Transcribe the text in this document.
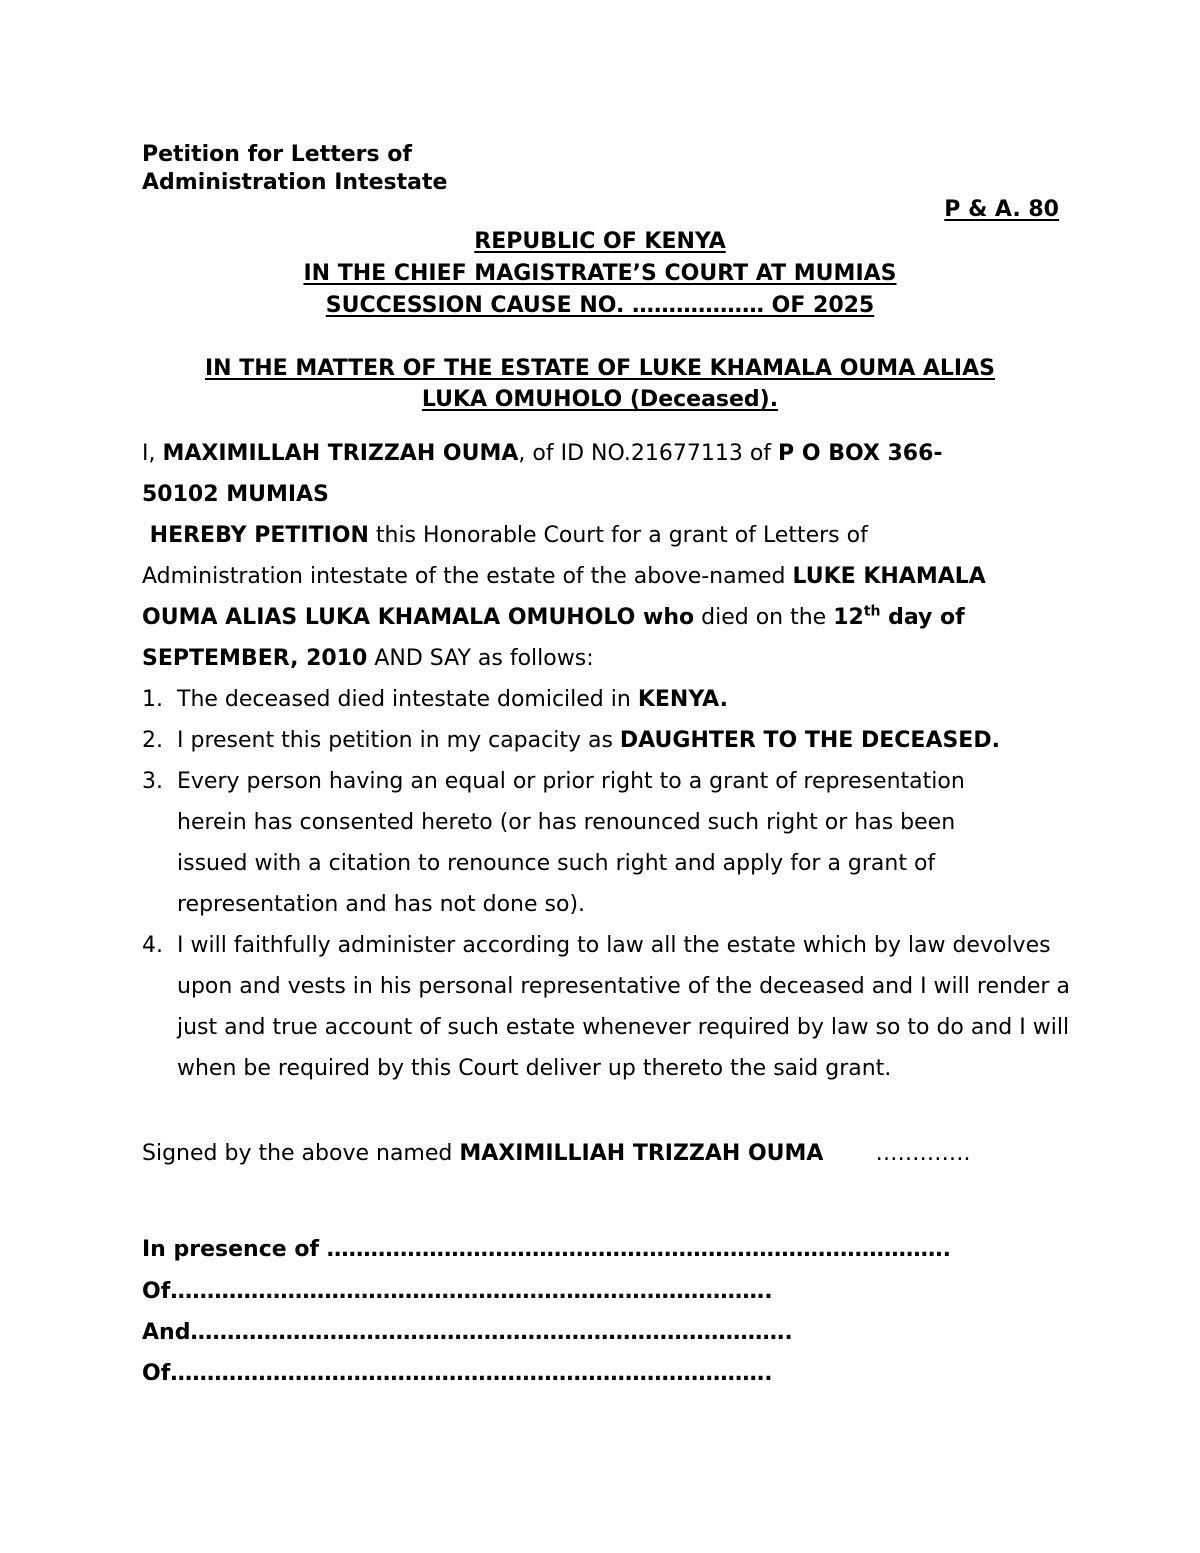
Petition for Letters of
Administration Intestate
P & A. 80
REPUBLIC OF KENYA
IN THE CHIEF MAGISTRATE’S COURT AT MUMIAS
SUCCESSION CAUSE NO. ……………… OF 2025
IN THE MATTER OF THE ESTATE OF LUKE KHAMALA OUMA ALIAS
LUKA OMUHOLO (Deceased).
I, MAXIMILLAH TRIZZAH OUMA, of ID NO.21677113 of P O BOX 366-
50102 MUMIAS
HEREBY PETITION this Honorable Court for a grant of Letters of
Administration intestate of the estate of the above-named LUKE KHAMALA
OUMA ALIAS LUKA KHAMALA OMUHOLO who died on the 12th day of
SEPTEMBER, 2010 AND SAY as follows:
1. The deceased died intestate domiciled in KENYA.
2. I present this petition in my capacity as DAUGHTER TO THE DECEASED.
3. Every person having an equal or prior right to a grant of representation herein has consented hereto (or has renounced such right or has been issued with a citation to renounce such right and apply for a grant of representation and has not done so).
4. I will faithfully administer according to law all the estate which by law devolves upon and vests in his personal representative of the deceased and I will render a just and true account of such estate whenever required by law so to do and I will when be required by this Court deliver up thereto the said grant.
Signed by the above named MAXIMILLIAH TRIZZAH OUMA ………….
In presence of ………………………………………………………………………….
Of……………………………………………………………………….
And……………………………………………………………………….
Of……………………………………………………………………….
